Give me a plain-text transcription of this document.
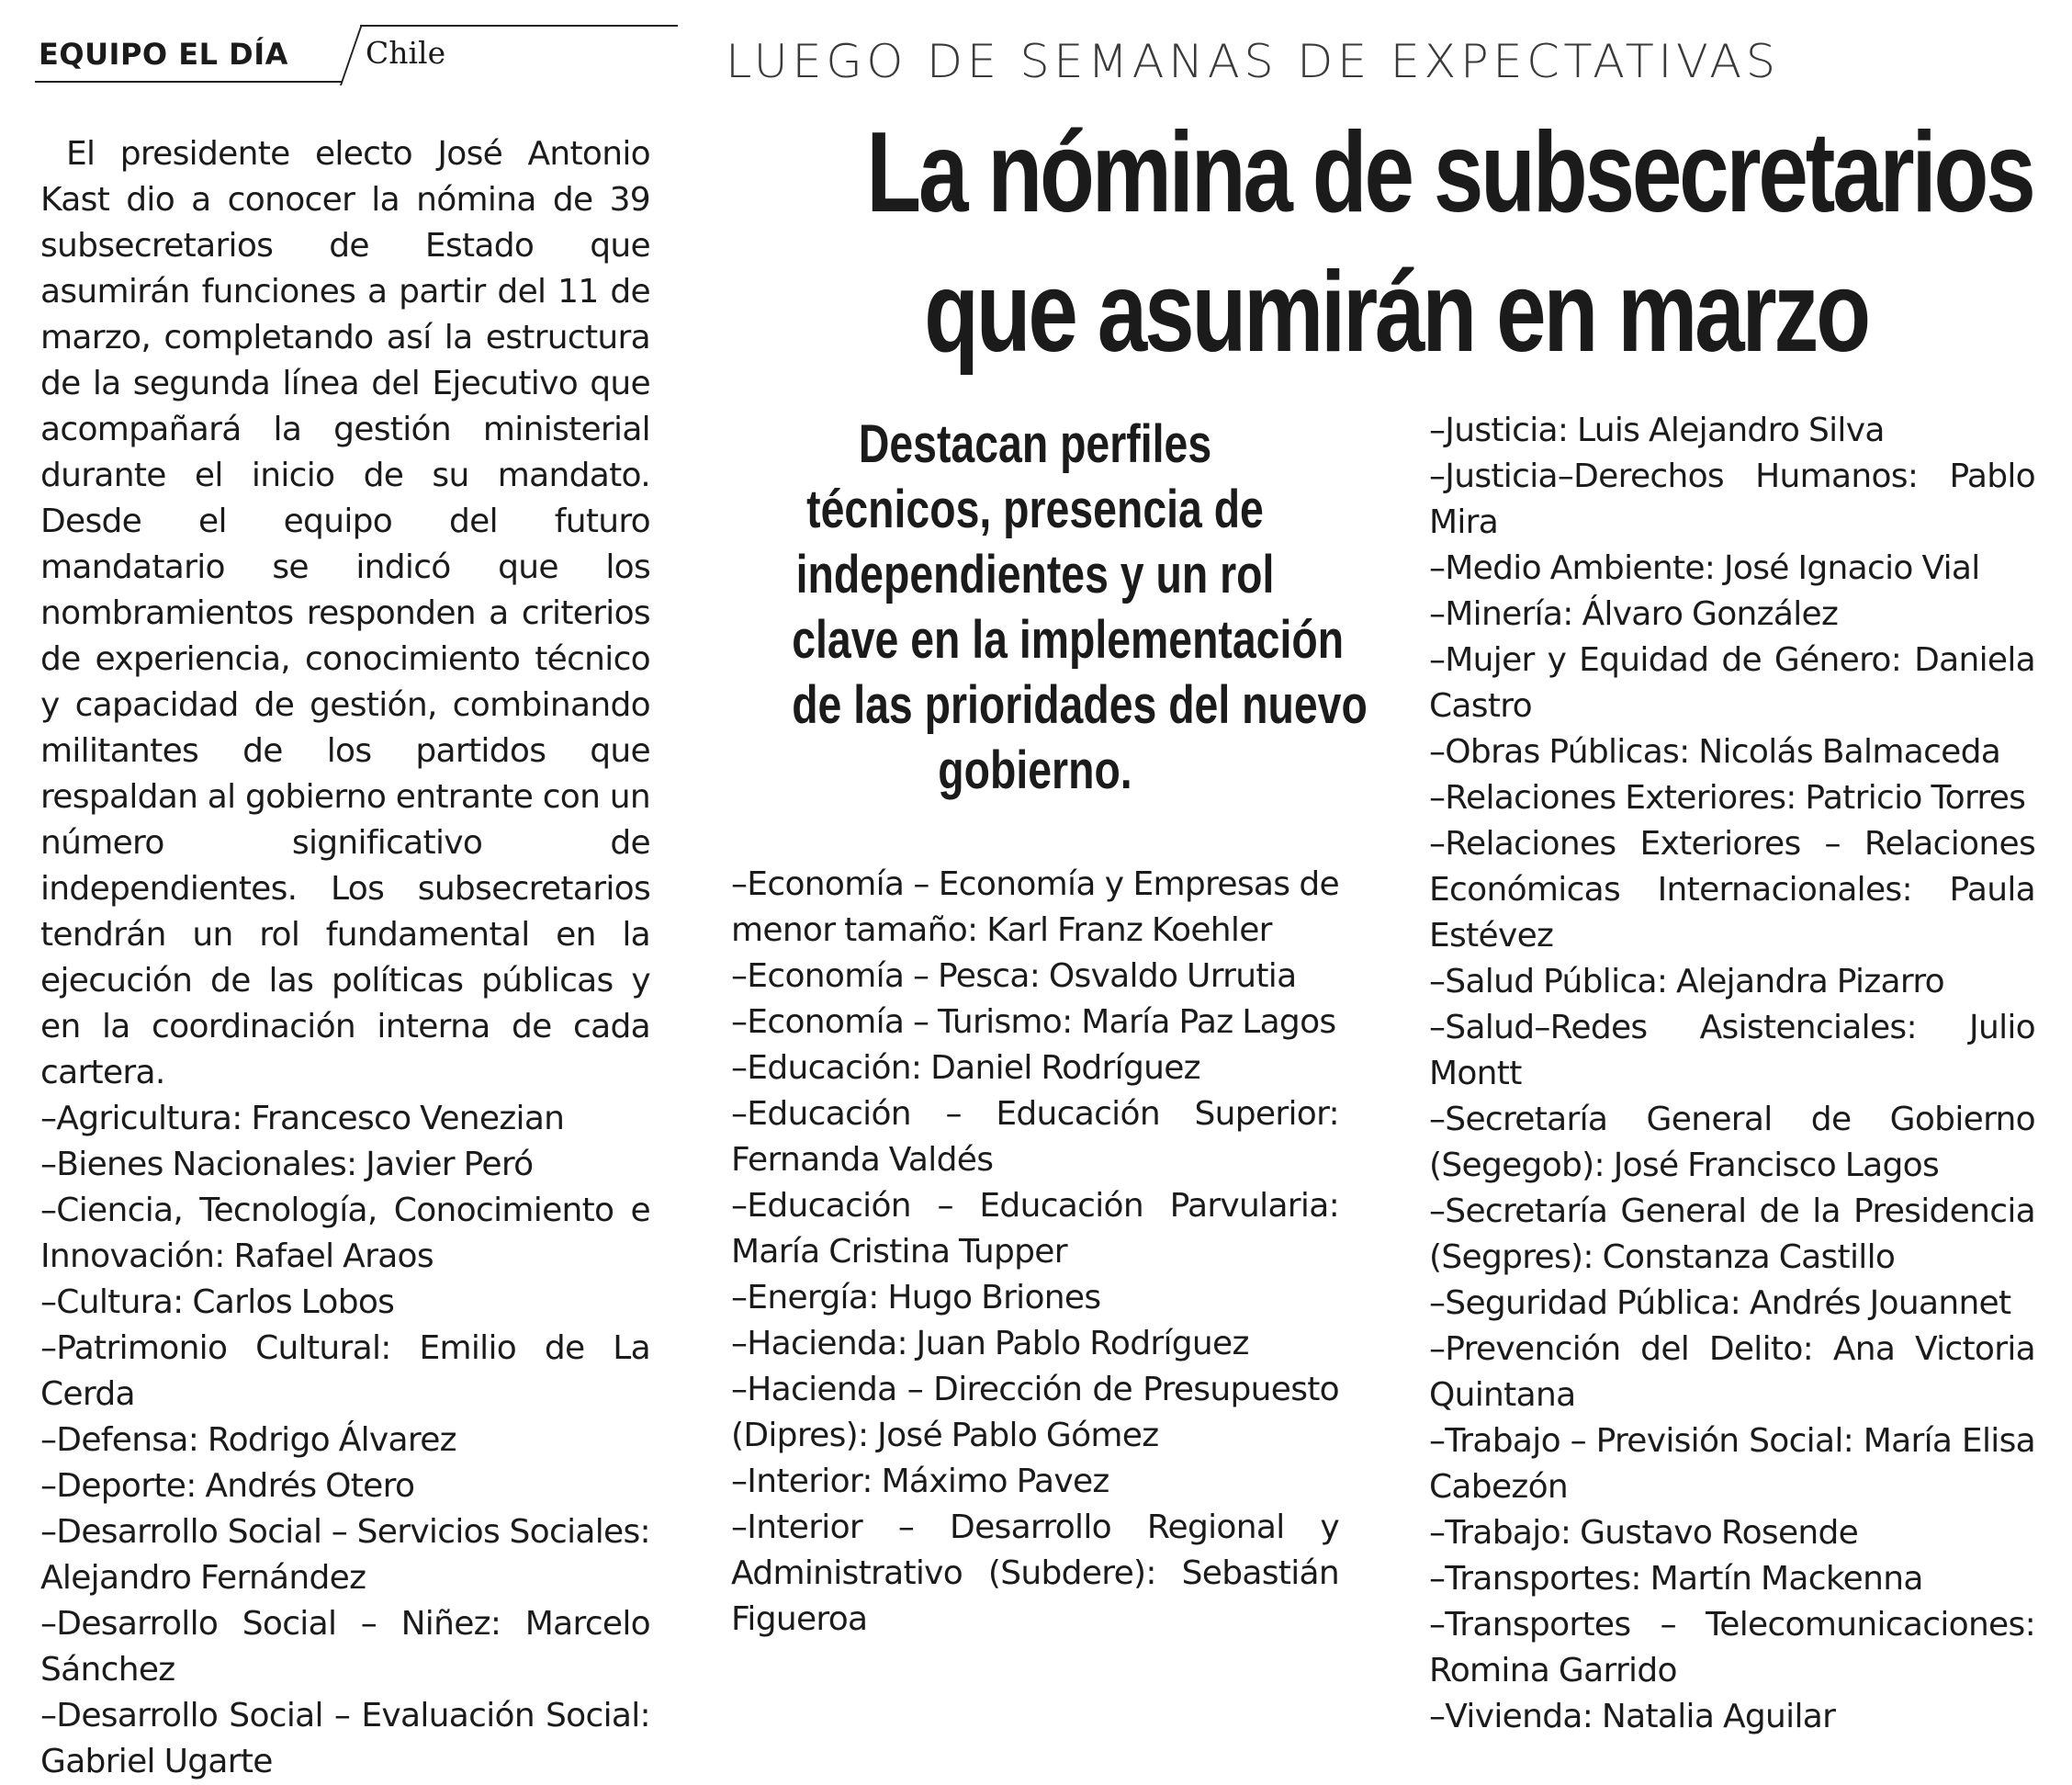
EQUIPO EL DÍA	Chile	LUEGO DE SEMANAS DE EXPECTATIVAS
La nómina de subsecretarios
que asumirán en marzo
Destacan perfiles
técnicos, presencia de
independientes y un rol
clave en la implementación
de las prioridades del nuevo
gobierno.

El presidente electo José Antonio Kast dio a conocer la nómina de 39 subsecretarios de Estado que asumirán funciones a partir del 11 de marzo, completando así la estructura de la segunda línea del Ejecutivo que acompañará la gestión ministerial durante el inicio de su mandato. Desde el equipo del futuro mandatario se indicó que los nombramientos responden a criterios de experiencia, conocimiento técnico y capacidad de gestión, combinando militantes de los partidos que respaldan al gobierno entrante con un número significativo de independientes. Los subsecretarios tendrán un rol fundamental en la ejecución de las políticas públicas y en la coordinación interna de cada cartera.

–Agricultura: Francesco Venezian

–Bienes Nacionales: Javier Peró

–Ciencia, Tecnología, Conocimiento e Innovación: Rafael Araos

–Cultura: Carlos Lobos

–Patrimonio Cultural: Emilio de La Cerda

–Defensa: Rodrigo Álvarez

–Deporte: Andrés Otero

–Desarrollo Social – Servicios Sociales: Alejandro Fernández

–Desarrollo Social – Niñez: Marcelo Sánchez

–Desarrollo Social – Evaluación Social: Gabriel Ugarte

–Economía – Economía y Empresas de menor tamaño: Karl Franz Koehler

–Economía – Pesca: Osvaldo Urrutia

–Economía – Turismo: María Paz Lagos

–Educación: Daniel Rodríguez

–Educación – Educación Superior: Fernanda Valdés

–Educación – Educación Parvularia: María Cristina Tupper

–Energía: Hugo Briones

–Hacienda: Juan Pablo Rodríguez

–Hacienda – Dirección de Presupuesto (Dipres): José Pablo Gómez

–Interior: Máximo Pavez

–Interior – Desarrollo Regional y Administrativo (Subdere): Sebastián Figueroa

–Justicia: Luis Alejandro Silva

–Justicia–Derechos Humanos: Pablo Mira

–Medio Ambiente: José Ignacio Vial

–Minería: Álvaro González

–Mujer y Equidad de Género: Daniela Castro

–Obras Públicas: Nicolás Balmaceda

–Relaciones Exteriores: Patricio Torres

–Relaciones Exteriores – Relaciones Económicas Internacionales: Paula Estévez

–Salud Pública: Alejandra Pizarro

–Salud–Redes Asistenciales: Julio Montt

–Secretaría General de Gobierno (Segegob): José Francisco Lagos

–Secretaría General de la Presidencia (Segpres): Constanza Castillo

–Seguridad Pública: Andrés Jouannet

–Prevención del Delito: Ana Victoria Quintana

–Trabajo – Previsión Social: María Elisa Cabezón

–Trabajo: Gustavo Rosende

–Transportes: Martín Mackenna

–Transportes – Telecomunicaciones: Romina Garrido

–Vivienda: Natalia Aguilar
